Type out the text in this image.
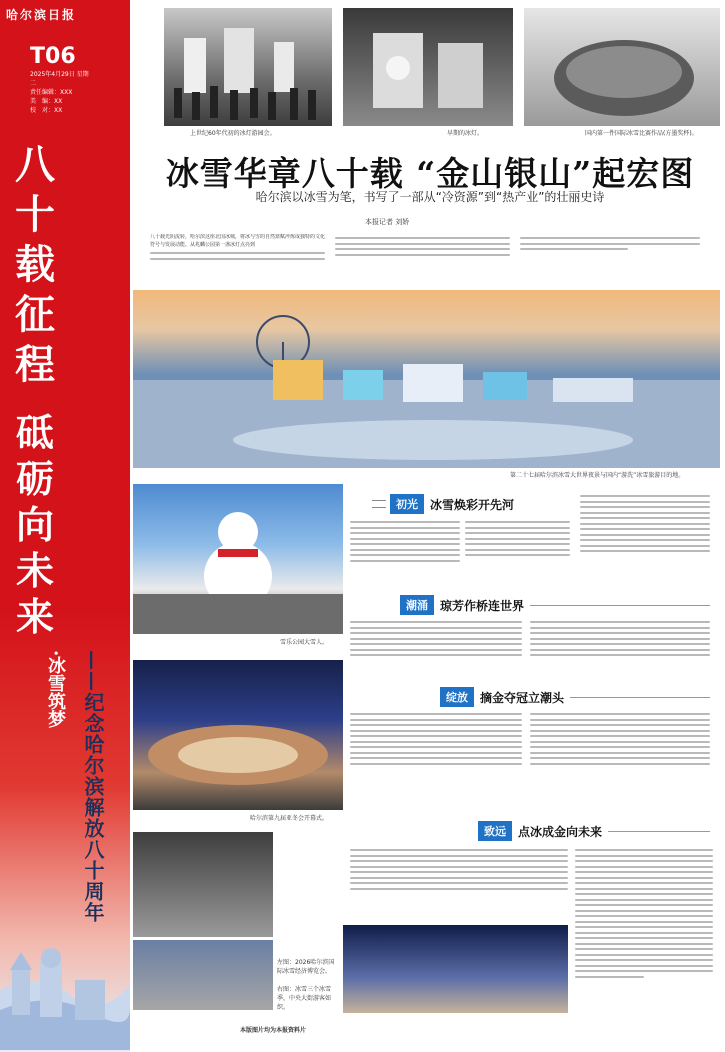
哈尔滨日报
T06
2025年4月29日 星期二
责任编辑：XXX
美　编：XX
校　对：XX
八
十
载
征
程
砥
砺
向
未
来
·冰雪筑梦 ——纪念哈尔滨解放八十周年
上世纪60年代初的冰灯游园会。	早期的冰灯。	国内第一件国际冰雪比赛作品(方墨奖杯)。
冰雪华章八十载 “金山银山”起宏图
哈尔滨以冰雪为笔，书写了一部从“冷资源”到“热产业”的壮丽史诗
本报记者 刘娇
八十载光阴流转，哈尔滨这座北国冰城，将冰与雪的自然禀赋淬炼成独特的文化符号与发展动能。从兆麟公园第一盏冰灯点亮到
第二十七届哈尔滨冰雪大世界夜景与国内“游洗”冰雪旅游目的地。
雪乐公园大雪人。
哈尔滨第九届亚冬会开幕式。
左图：2026哈尔滨国际冰雪经济博览会。
右图：冰雪三个冰雪季，中央大街游客如织。
本版图片均为本报资料片
初光	冰雪焕彩开先河
潮涌	琼芳作桥连世界
绽放	摘金夺冠立潮头
致远	点冰成金向未来
